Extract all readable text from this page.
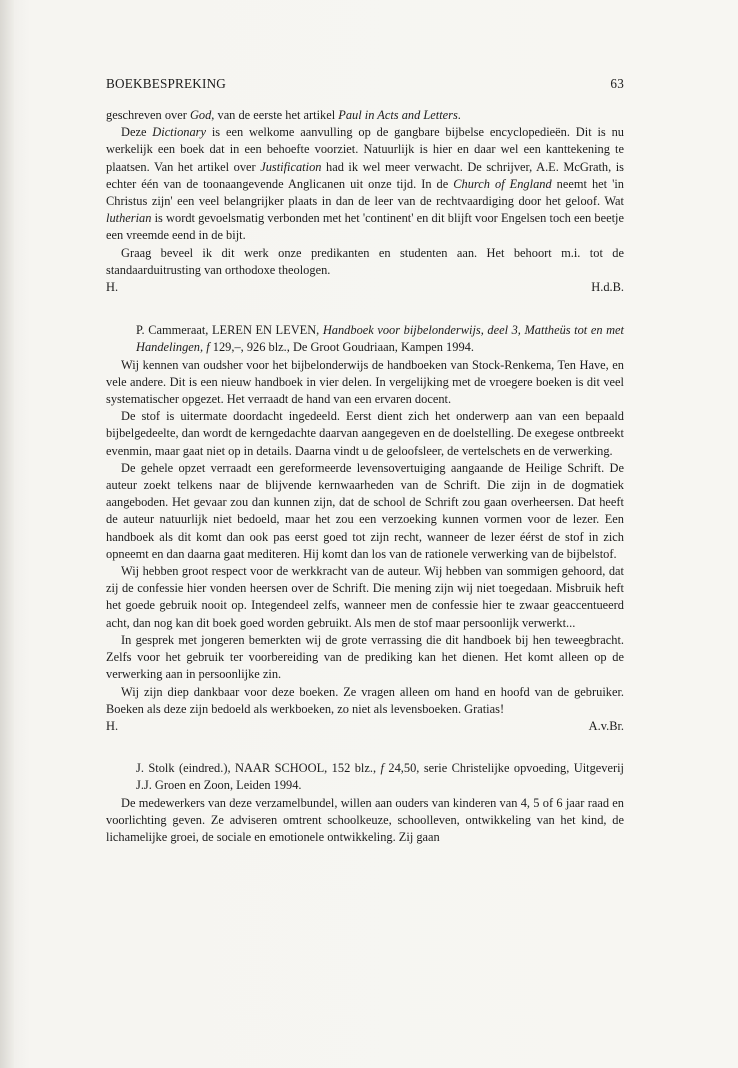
BOEKBESPREKING	63

geschreven over God, van de eerste het artikel Paul in Acts and Letters.

Deze Dictionary is een welkome aanvulling op de gangbare bijbelse encyclopedieën. Dit is nu werkelijk een boek dat in een behoefte voorziet. Natuurlijk is hier en daar wel een kanttekening te plaatsen. Van het artikel over Justification had ik wel meer verwacht. De schrijver, A.E. McGrath, is echter één van de toonaangevende Anglicanen uit onze tijd. In de Church of England neemt het 'in Christus zijn' een veel belangrijker plaats in dan de leer van de rechtvaardiging door het geloof. Wat lutherian is wordt gevoelsmatig verbonden met het 'continent' en dit blijft voor Engelsen toch een beetje een vreemde eend in de bijt.

Graag beveel ik dit werk onze predikanten en studenten aan. Het behoort m.i. tot de standaarduitrusting van orthodoxe theologen.

H.	H.d.B.

P. Cammeraat, LEREN EN LEVEN, Handboek voor bijbelonderwijs, deel 3, Mattheüs tot en met Handelingen, f 129,–, 926 blz., De Groot Goudriaan, Kampen 1994.

Wij kennen van oudsher voor het bijbelonderwijs de handboeken van Stock-Renkema, Ten Have, en vele andere. Dit is een nieuw handboek in vier delen. In vergelijking met de vroegere boeken is dit veel systematischer opgezet. Het verraadt de hand van een ervaren docent.

De stof is uitermate doordacht ingedeeld. Eerst dient zich het onderwerp aan van een bepaald bijbelgedeelte, dan wordt de kerngedachte daarvan aangegeven en de doelstelling. De exegese ontbreekt evenmin, maar gaat niet op in details. Daarna vindt u de geloofsleer, de vertelschets en de verwerking.

De gehele opzet verraadt een gereformeerde levensovertuiging aangaande de Heilige Schrift. De auteur zoekt telkens naar de blijvende kernwaarheden van de Schrift. Die zijn in de dogmatiek aangeboden. Het gevaar zou dan kunnen zijn, dat de school de Schrift zou gaan overheersen. Dat heeft de auteur natuurlijk niet bedoeld, maar het zou een verzoeking kunnen vormen voor de lezer. Een handboek als dit komt dan ook pas eerst goed tot zijn recht, wanneer de lezer éérst de stof in zich opneemt en dan daarna gaat mediteren. Hij komt dan los van de rationele verwerking van de bijbelstof.

Wij hebben groot respect voor de werkkracht van de auteur. Wij hebben van sommigen gehoord, dat zij de confessie hier vonden heersen over de Schrift. Die mening zijn wij niet toegedaan. Misbruik heft het goede gebruik nooit op. Integendeel zelfs, wanneer men de confessie hier te zwaar geaccentueerd acht, dan nog kan dit boek goed worden gebruikt. Als men de stof maar persoonlijk verwerkt...

In gesprek met jongeren bemerkten wij de grote verrassing die dit handboek bij hen teweegbracht. Zelfs voor het gebruik ter voorbereiding van de prediking kan het dienen. Het komt alleen op de verwerking aan in persoonlijke zin.

Wij zijn diep dankbaar voor deze boeken. Ze vragen alleen om hand en hoofd van de gebruiker. Boeken als deze zijn bedoeld als werkboeken, zo niet als levensboeken. Gratias!

H.	A.v.Br.

J. Stolk (eindred.), NAAR SCHOOL, 152 blz., f 24,50, serie Christelijke opvoeding, Uitgeverij J.J. Groen en Zoon, Leiden 1994.

De medewerkers van deze verzamelbundel, willen aan ouders van kinderen van 4, 5 of 6 jaar raad en voorlichting geven. Ze adviseren omtrent schoolkeuze, schoolleven, ontwikkeling van het kind, de lichamelijke groei, de sociale en emotionele ontwikkeling. Zij gaan
